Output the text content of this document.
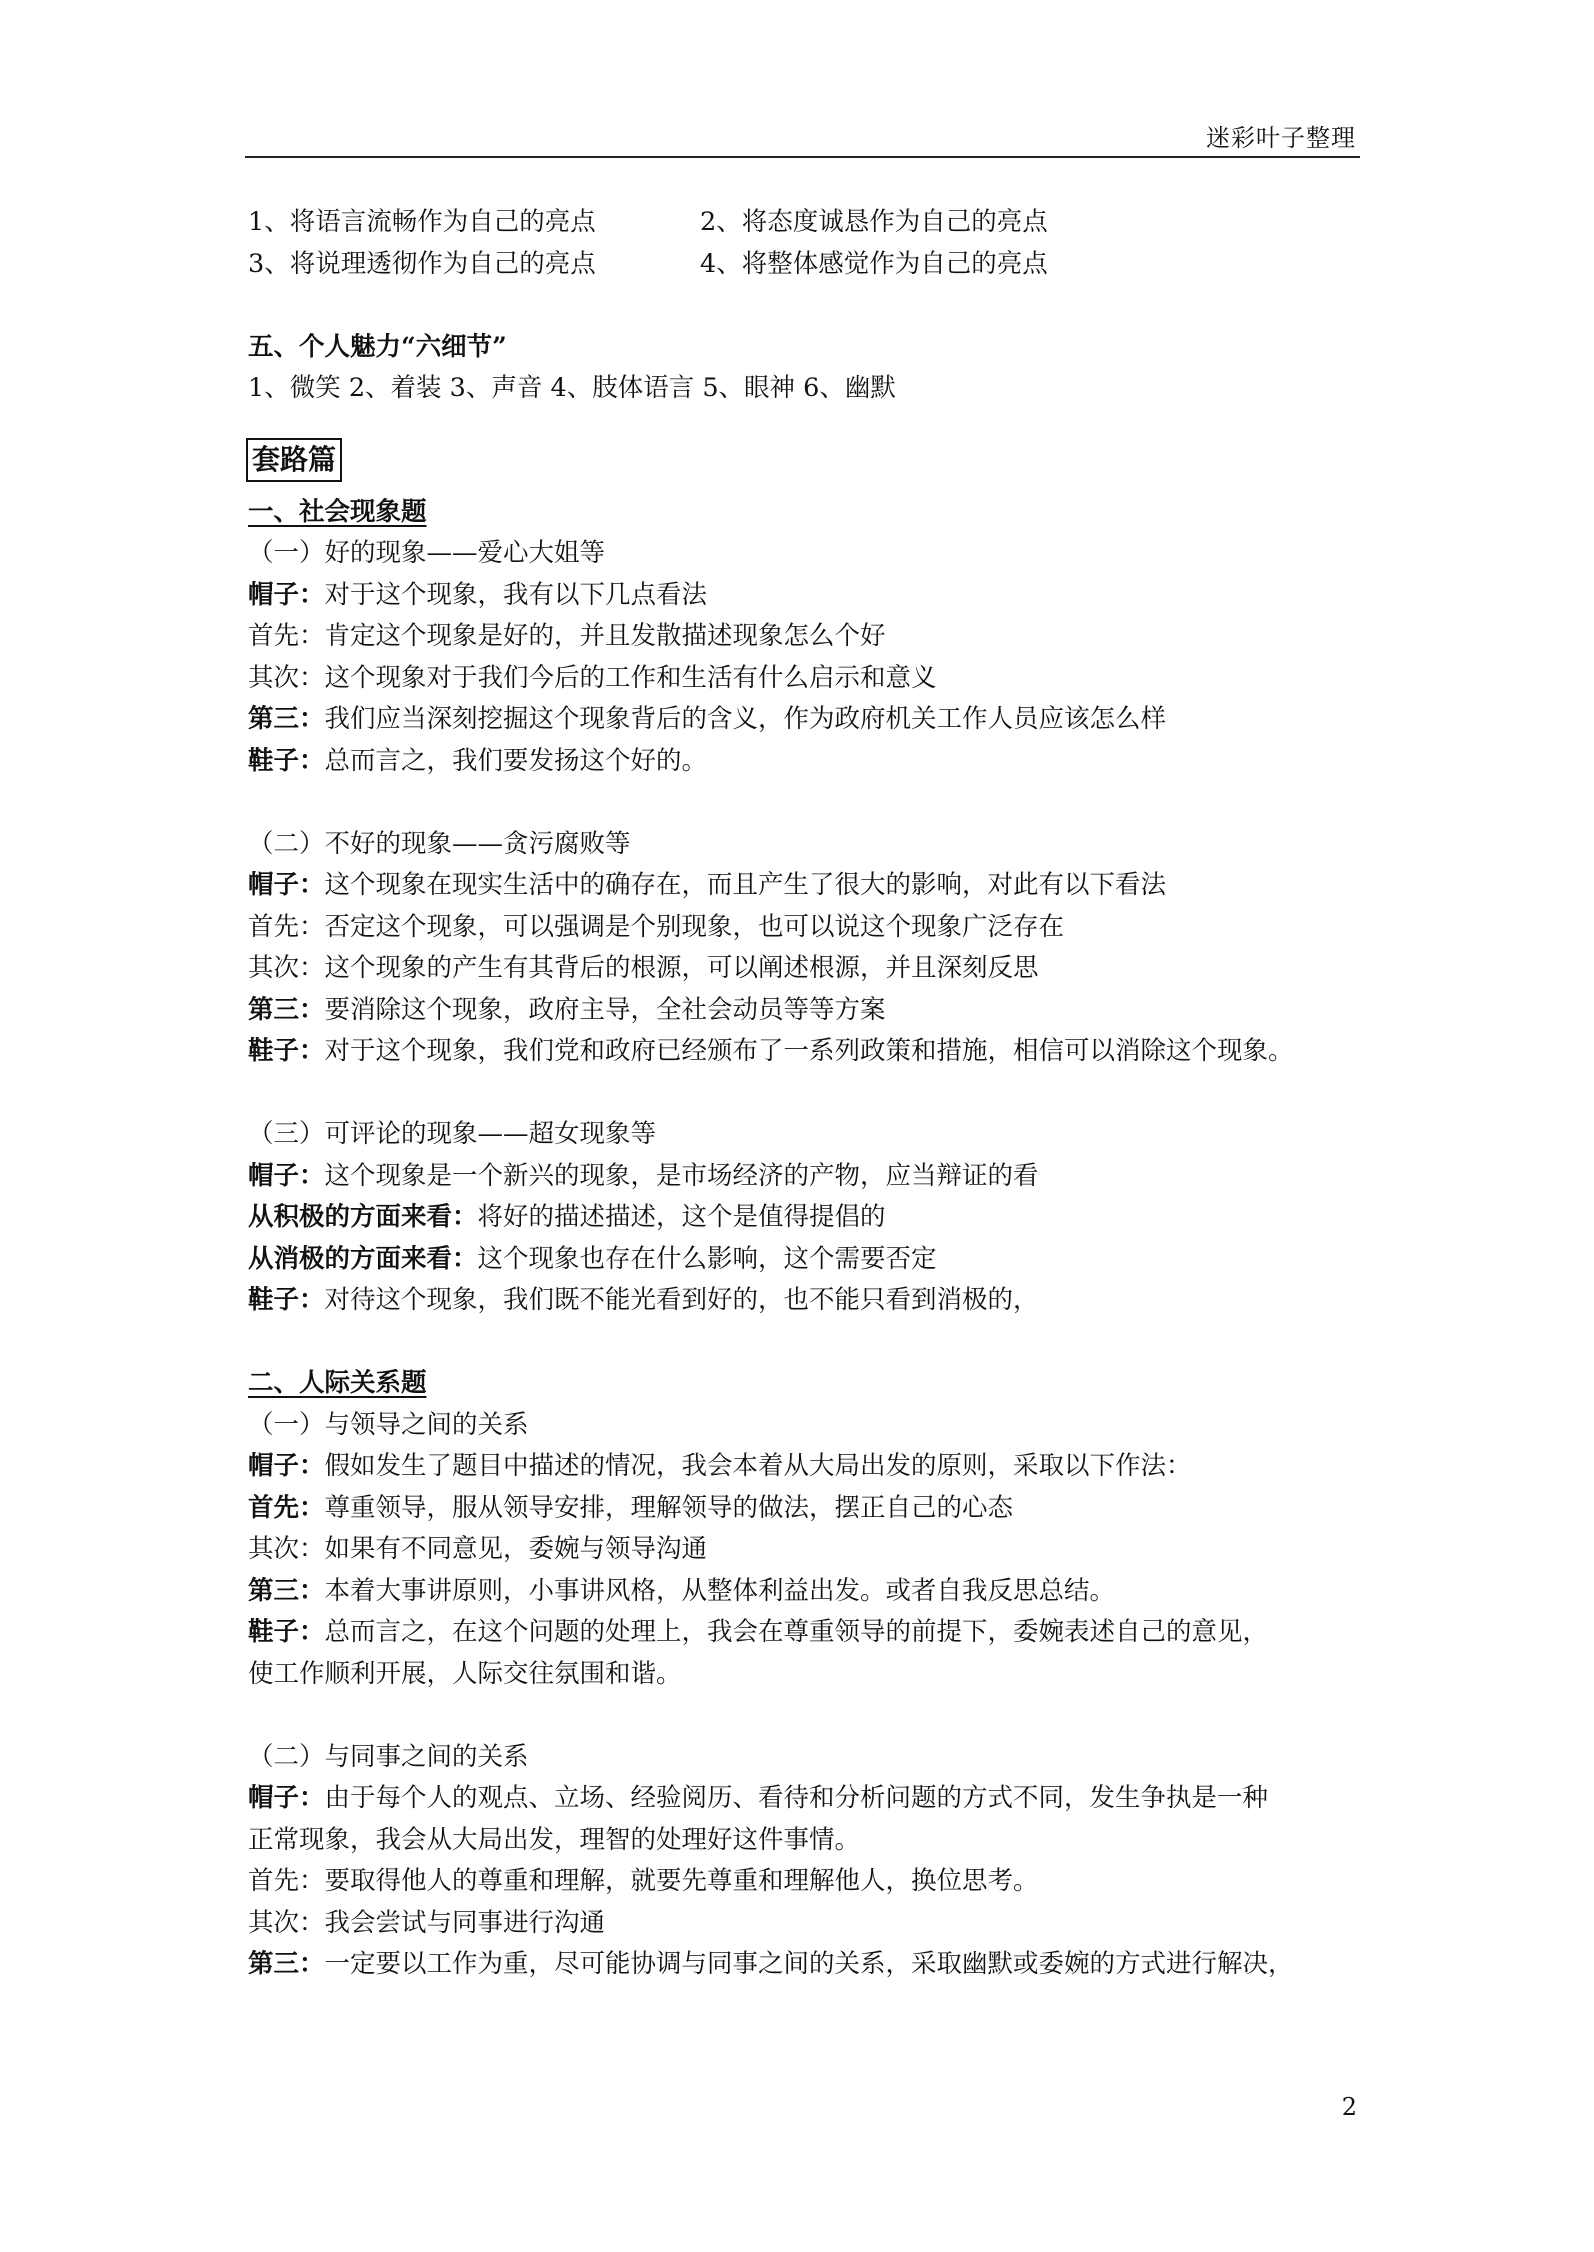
迷彩叶子整理
1、将语言流畅作为自己的亮点	2、将态度诚恳作为自己的亮点
3、将说理透彻作为自己的亮点	4、将整体感觉作为自己的亮点
五、个人魅力“六细节”
1、微笑 2、着装 3、声音 4、肢体语言 5、眼神 6、幽默
套路篇
一、社会现象题
（一）好的现象——爱心大姐等
帽子：对于这个现象，我有以下几点看法
首先：肯定这个现象是好的，并且发散描述现象怎么个好
其次：这个现象对于我们今后的工作和生活有什么启示和意义
第三：我们应当深刻挖掘这个现象背后的含义，作为政府机关工作人员应该怎么样
鞋子：总而言之，我们要发扬这个好的。
（二）不好的现象——贪污腐败等
帽子：这个现象在现实生活中的确存在，而且产生了很大的影响，对此有以下看法
首先：否定这个现象，可以强调是个别现象，也可以说这个现象广泛存在
其次：这个现象的产生有其背后的根源，可以阐述根源，并且深刻反思
第三：要消除这个现象，政府主导，全社会动员等等方案
鞋子：对于这个现象，我们党和政府已经颁布了一系列政策和措施，相信可以消除这个现象。
（三）可评论的现象——超女现象等
帽子：这个现象是一个新兴的现象，是市场经济的产物，应当辩证的看
从积极的方面来看：将好的描述描述，这个是值得提倡的
从消极的方面来看：这个现象也存在什么影响，这个需要否定
鞋子：对待这个现象，我们既不能光看到好的，也不能只看到消极的，
二、人际关系题
（一）与领导之间的关系
帽子：假如发生了题目中描述的情况，我会本着从大局出发的原则，采取以下作法：
首先：尊重领导，服从领导安排，理解领导的做法，摆正自己的心态
其次：如果有不同意见，委婉与领导沟通
第三：本着大事讲原则，小事讲风格，从整体利益出发。或者自我反思总结。
鞋子：总而言之，在这个问题的处理上，我会在尊重领导的前提下，委婉表述自己的意见，
使工作顺利开展，人际交往氛围和谐。
（二）与同事之间的关系
帽子：由于每个人的观点、立场、经验阅历、看待和分析问题的方式不同，发生争执是一种
正常现象，我会从大局出发，理智的处理好这件事情。
首先：要取得他人的尊重和理解，就要先尊重和理解他人，换位思考。
其次：我会尝试与同事进行沟通
第三：一定要以工作为重，尽可能协调与同事之间的关系，采取幽默或委婉的方式进行解决，
2
